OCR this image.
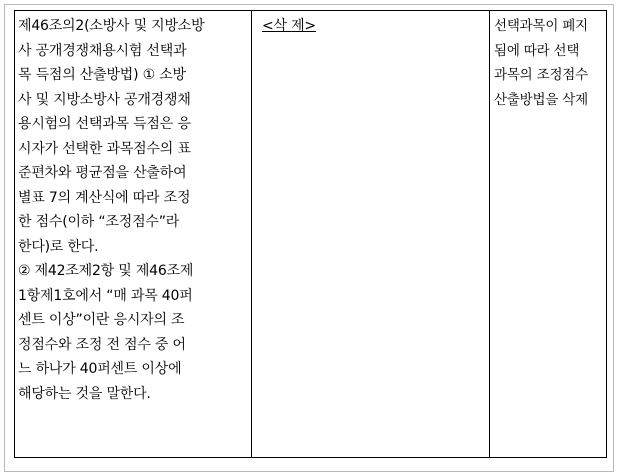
제46조의2(소방사 및 지방소방
사 공개경쟁채용시험 선택과
목 득점의 산출방법) ① 소방
사 및 지방소방사 공개경쟁채
용시험의 선택과목 득점은 응
시자가 선택한 과목점수의 표
준편차와 평균점을 산출하여
별표 7의 계산식에 따라 조정
한 점수(이하 “조정점수”라
한다)로 한다.
② 제42조제2항 및 제46조제
1항제1호에서 “매 과목 40퍼
센트 이상”이란 응시자의 조
정점수와 조정 전 점수 중 어
느 하나가 40퍼센트 이상에
해당하는 것을 말한다.
<삭 제>	선택과목이 폐지
됨에 따라 선택
과목의 조정점수
산출방법을 삭제
